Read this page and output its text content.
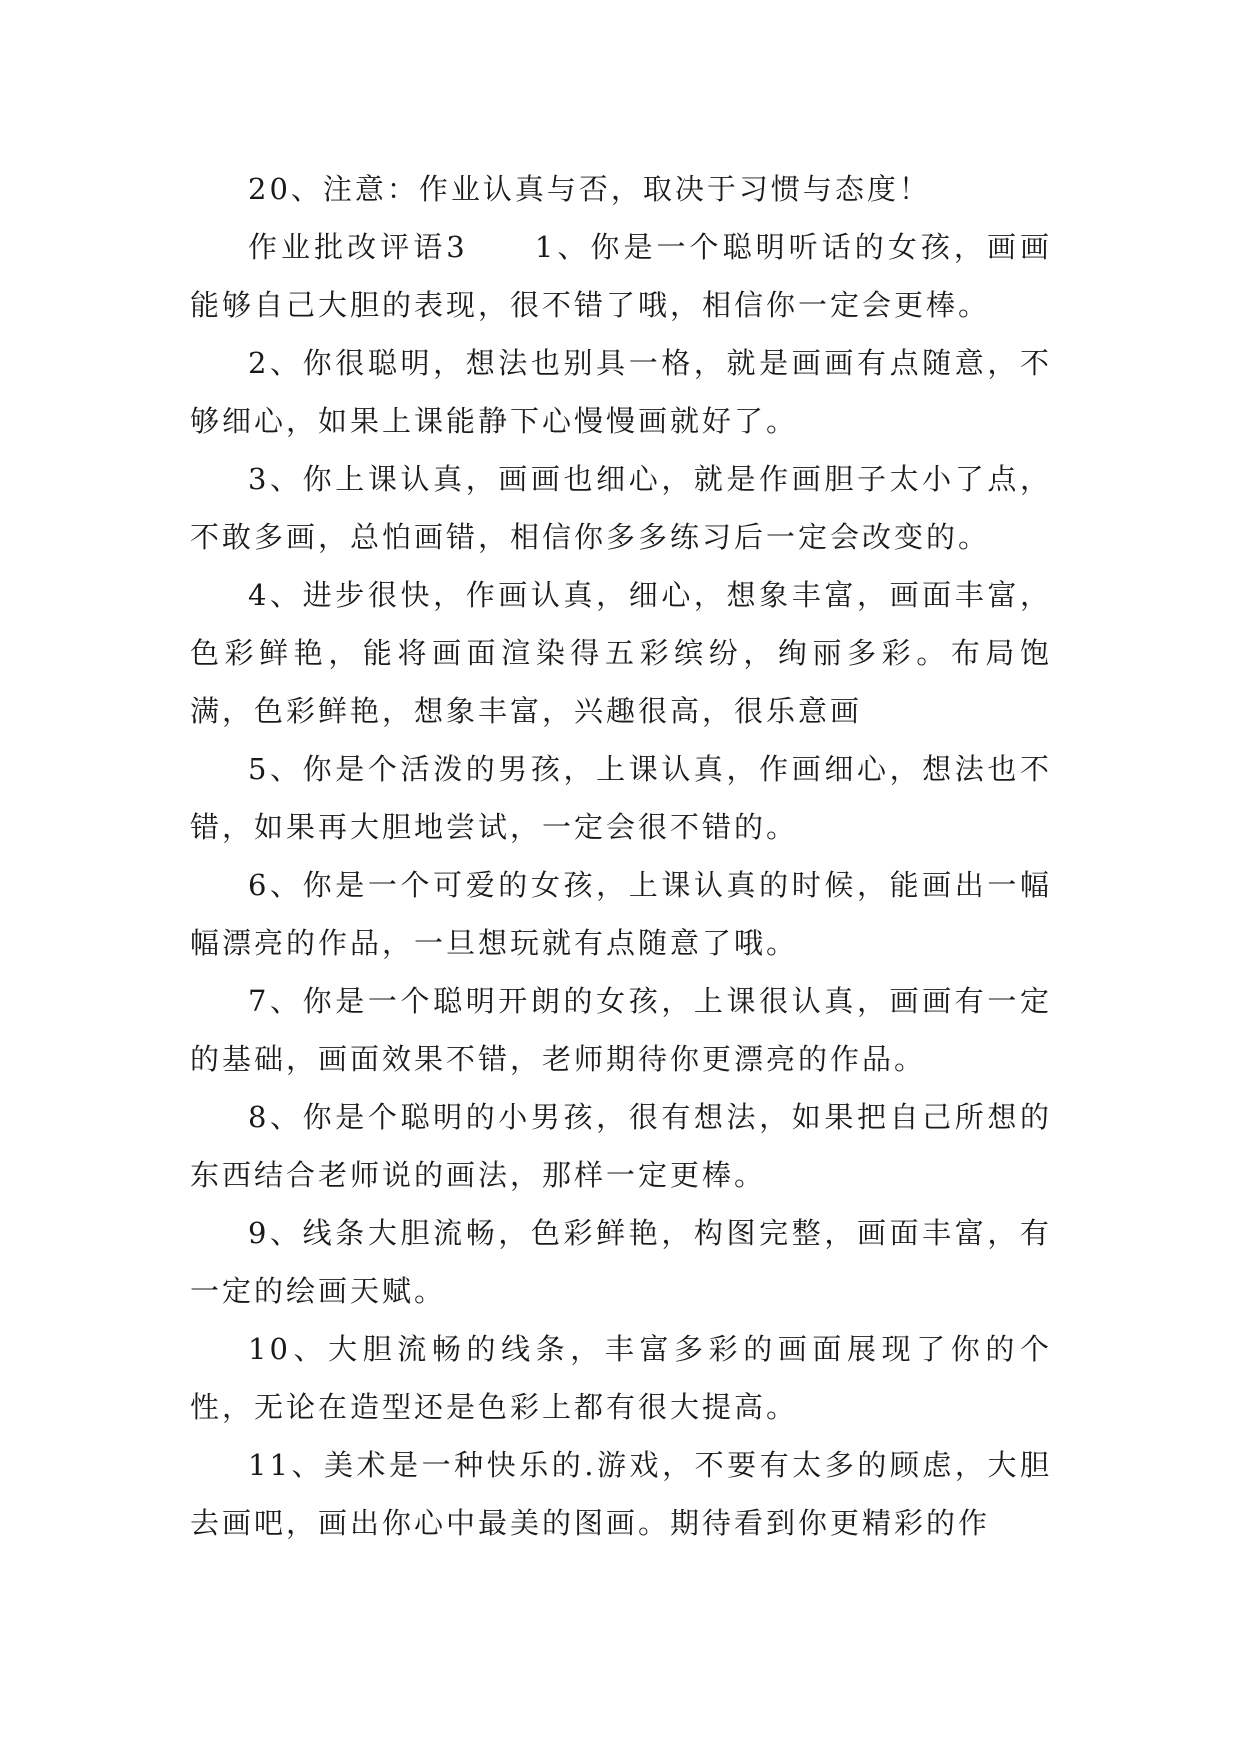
20、注意：作业认真与否，取决于习惯与态度！

作业批改评语3　　1、你是一个聪明听话的女孩，画画能够自己大胆的表现，很不错了哦，相信你一定会更棒。

2、你很聪明，想法也别具一格，就是画画有点随意，不够细心，如果上课能静下心慢慢画就好了。

3、你上课认真，画画也细心，就是作画胆子太小了点，不敢多画，总怕画错，相信你多多练习后一定会改变的。

4、进步很快，作画认真，细心，想象丰富，画面丰富，色彩鲜艳，能将画面渲染得五彩缤纷，绚丽多彩。布局饱满，色彩鲜艳，想象丰富，兴趣很高，很乐意画

5、你是个活泼的男孩，上课认真，作画细心，想法也不错，如果再大胆地尝试，一定会很不错的。

6、你是一个可爱的女孩，上课认真的时候，能画出一幅幅漂亮的作品，一旦想玩就有点随意了哦。

7、你是一个聪明开朗的女孩，上课很认真，画画有一定的基础，画面效果不错，老师期待你更漂亮的作品。

8、你是个聪明的小男孩，很有想法，如果把自己所想的东西结合老师说的画法，那样一定更棒。

9、线条大胆流畅，色彩鲜艳，构图完整，画面丰富，有一定的绘画天赋。

10、大胆流畅的线条，丰富多彩的画面展现了你的个性，无论在造型还是色彩上都有很大提高。

11、美术是一种快乐的.游戏，不要有太多的顾虑，大胆去画吧，画出你心中最美的图画。期待看到你更精彩的作
